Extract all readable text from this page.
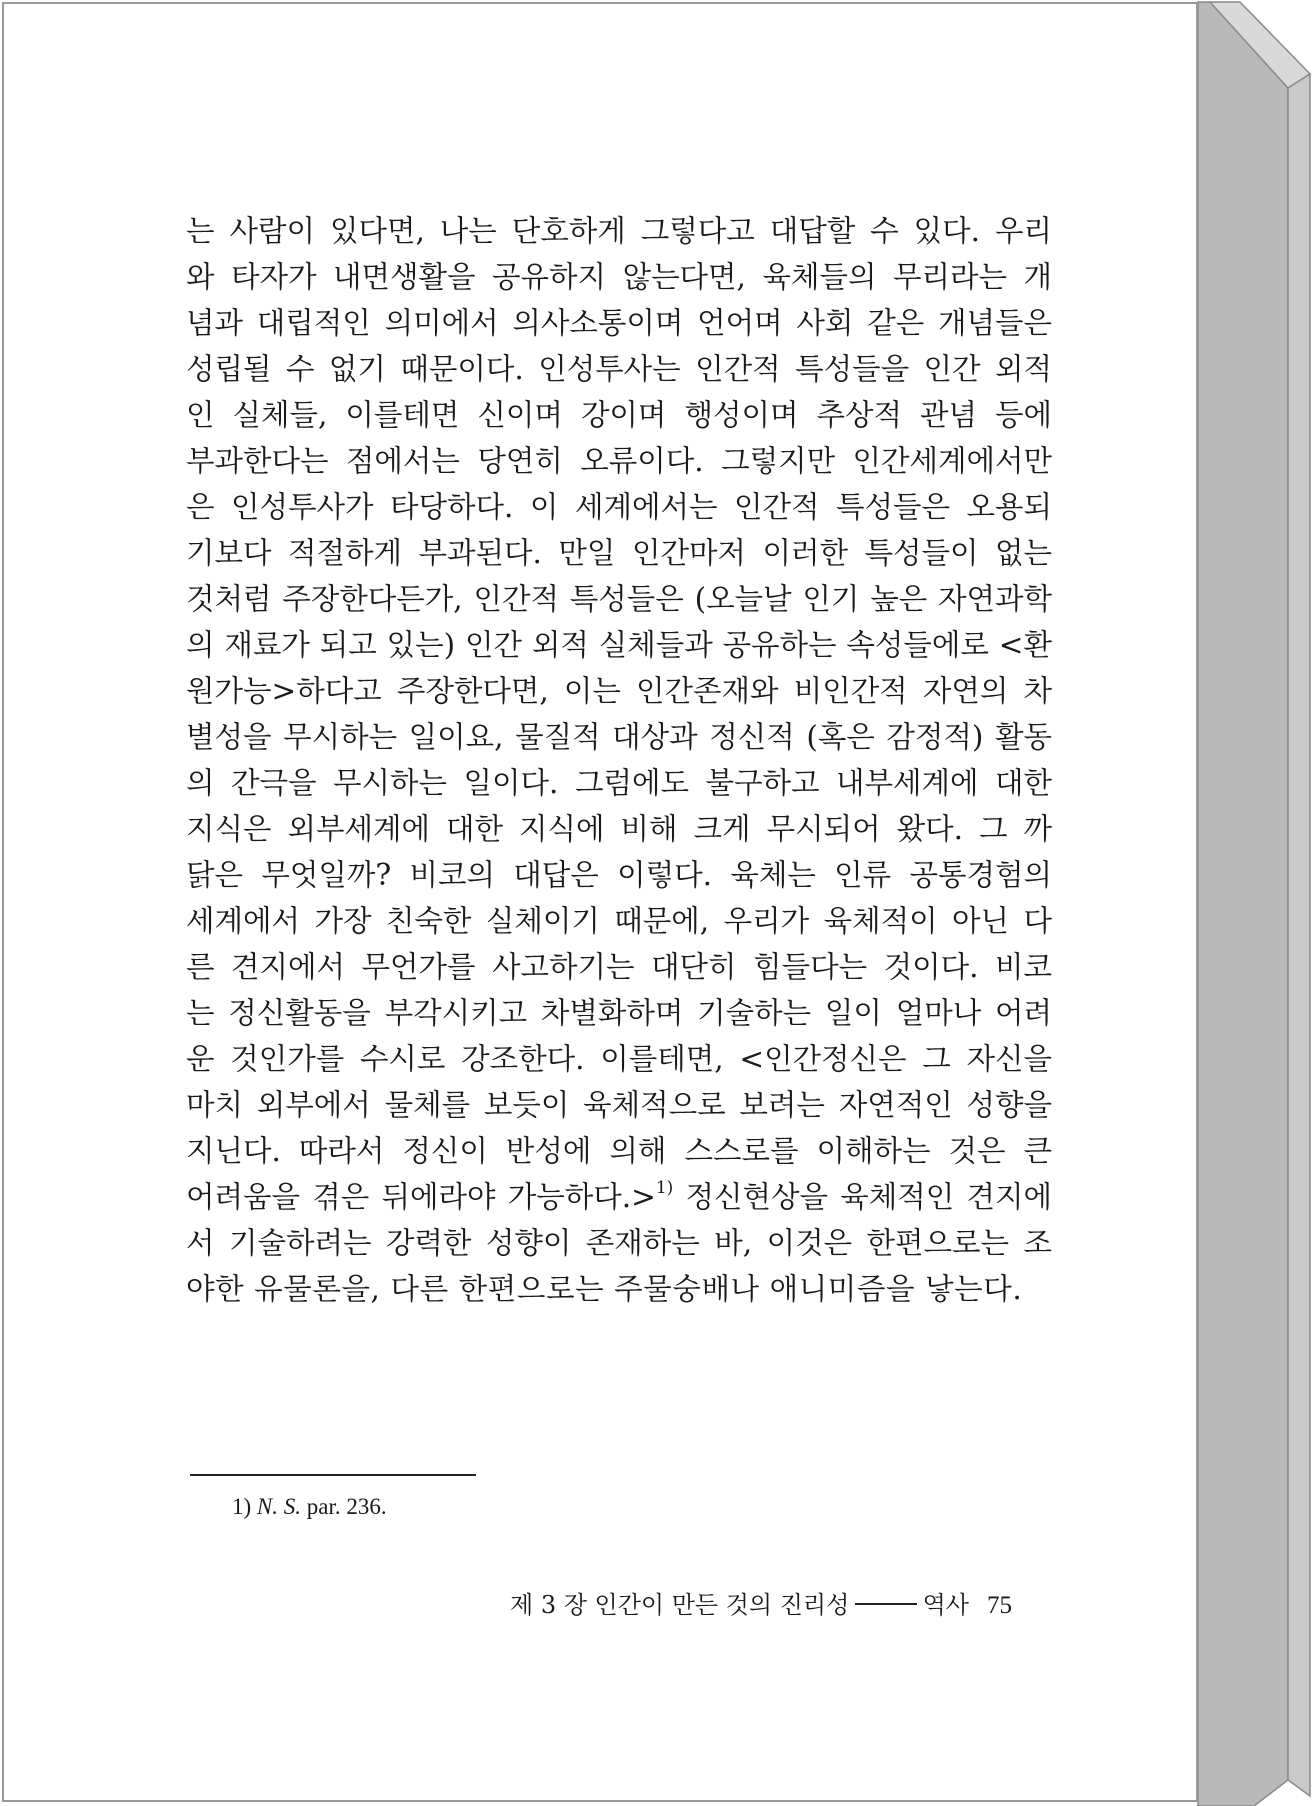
는 사람이 있다면, 나는 단호하게 그렇다고 대답할 수 있다. 우리
와 타자가 내면생활을 공유하지 않는다면, 육체들의 무리라는 개
념과 대립적인 의미에서 의사소통이며 언어며 사회 같은 개념들은
성립될 수 없기 때문이다. 인성투사는 인간적 특성들을 인간 외적
인 실체들, 이를테면 신이며 강이며 행성이며 추상적 관념 등에
부과한다는 점에서는 당연히 오류이다. 그렇지만 인간세계에서만
은 인성투사가 타당하다. 이 세계에서는 인간적 특성들은 오용되
기보다 적절하게 부과된다. 만일 인간마저 이러한 특성들이 없는
것처럼 주장한다든가, 인간적 특성들은 (오늘날 인기 높은 자연과학
의 재료가 되고 있는) 인간 외적 실체들과 공유하는 속성들에로 <환
원가능>하다고 주장한다면, 이는 인간존재와 비인간적 자연의 차
별성을 무시하는 일이요, 물질적 대상과 정신적 (혹은 감정적) 활동
의 간극을 무시하는 일이다. 그럼에도 불구하고 내부세계에 대한
지식은 외부세계에 대한 지식에 비해 크게 무시되어 왔다. 그 까
닭은 무엇일까? 비코의 대답은 이렇다. 육체는 인류 공통경험의
세계에서 가장 친숙한 실체이기 때문에, 우리가 육체적이 아닌 다
른 견지에서 무언가를 사고하기는 대단히 힘들다는 것이다. 비코
는 정신활동을 부각시키고 차별화하며 기술하는 일이 얼마나 어려
운 것인가를 수시로 강조한다. 이를테면, <인간정신은 그 자신을
마치 외부에서 물체를 보듯이 육체적으로 보려는 자연적인 성향을
지닌다. 따라서 정신이 반성에 의해 스스로를 이해하는 것은 큰
어려움을 겪은 뒤에라야 가능하다.>$^{1)}$ 정신현상을 육체적인 견지에
서 기술하려는 강력한 성향이 존재하는 바, 이것은 한편으로는 조
야한 유물론을, 다른 한편으로는 주물숭배나 애니미즘을 낳는다.
1) N. S. par. 236.
제 3 장 인간이 만든 것의 진리성	역사 75
